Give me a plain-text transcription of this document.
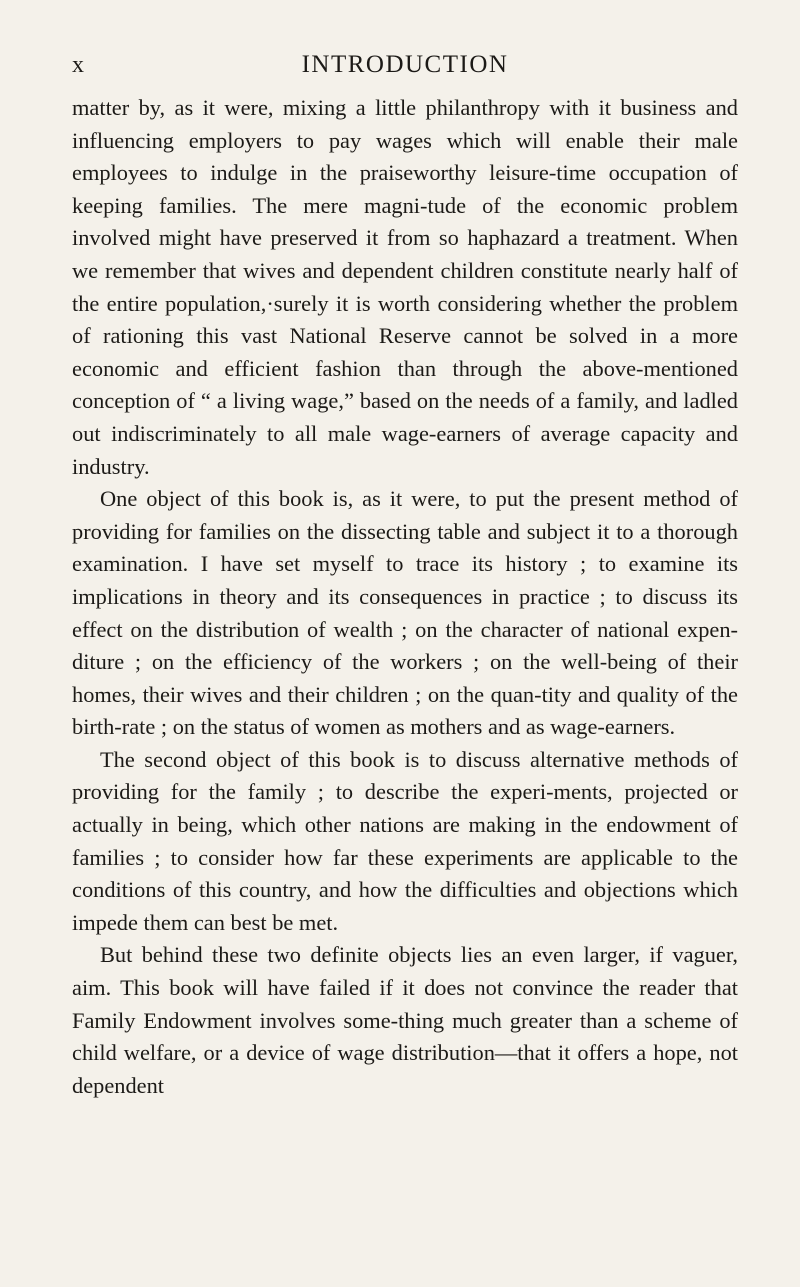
x	INTRODUCTION

matter by, as it were, mixing a little philanthropy with it business and influencing employers to pay wages which will enable their male employees to indulge in the praiseworthy leisure-time occupation of keeping families. The mere magni-tude of the economic problem involved might have preserved it from so haphazard a treatment. When we remember that wives and dependent children constitute nearly half of the entire population,·surely it is worth considering whether the problem of rationing this vast National Reserve cannot be solved in a more economic and efficient fashion than through the above-mentioned conception of “ a living wage,” based on the needs of a family, and ladled out indiscriminately to all male wage-earners of average capacity and industry.

One object of this book is, as it were, to put the present method of providing for families on the dissecting table and subject it to a thorough examination. I have set myself to trace its history ; to examine its implications in theory and its consequences in practice ; to discuss its effect on the distribution of wealth ; on the character of national expen-diture ; on the efficiency of the workers ; on the well-being of their homes, their wives and their children ; on the quan-tity and quality of the birth-rate ; on the status of women as mothers and as wage-earners.

The second object of this book is to discuss alternative methods of providing for the family ; to describe the experi-ments, projected or actually in being, which other nations are making in the endowment of families ; to consider how far these experiments are applicable to the conditions of this country, and how the difficulties and objections which impede them can best be met.

But behind these two definite objects lies an even larger, if vaguer, aim. This book will have failed if it does not convince the reader that Family Endowment involves some-thing much greater than a scheme of child welfare, or a device of wage distribution—that it offers a hope, not dependent
